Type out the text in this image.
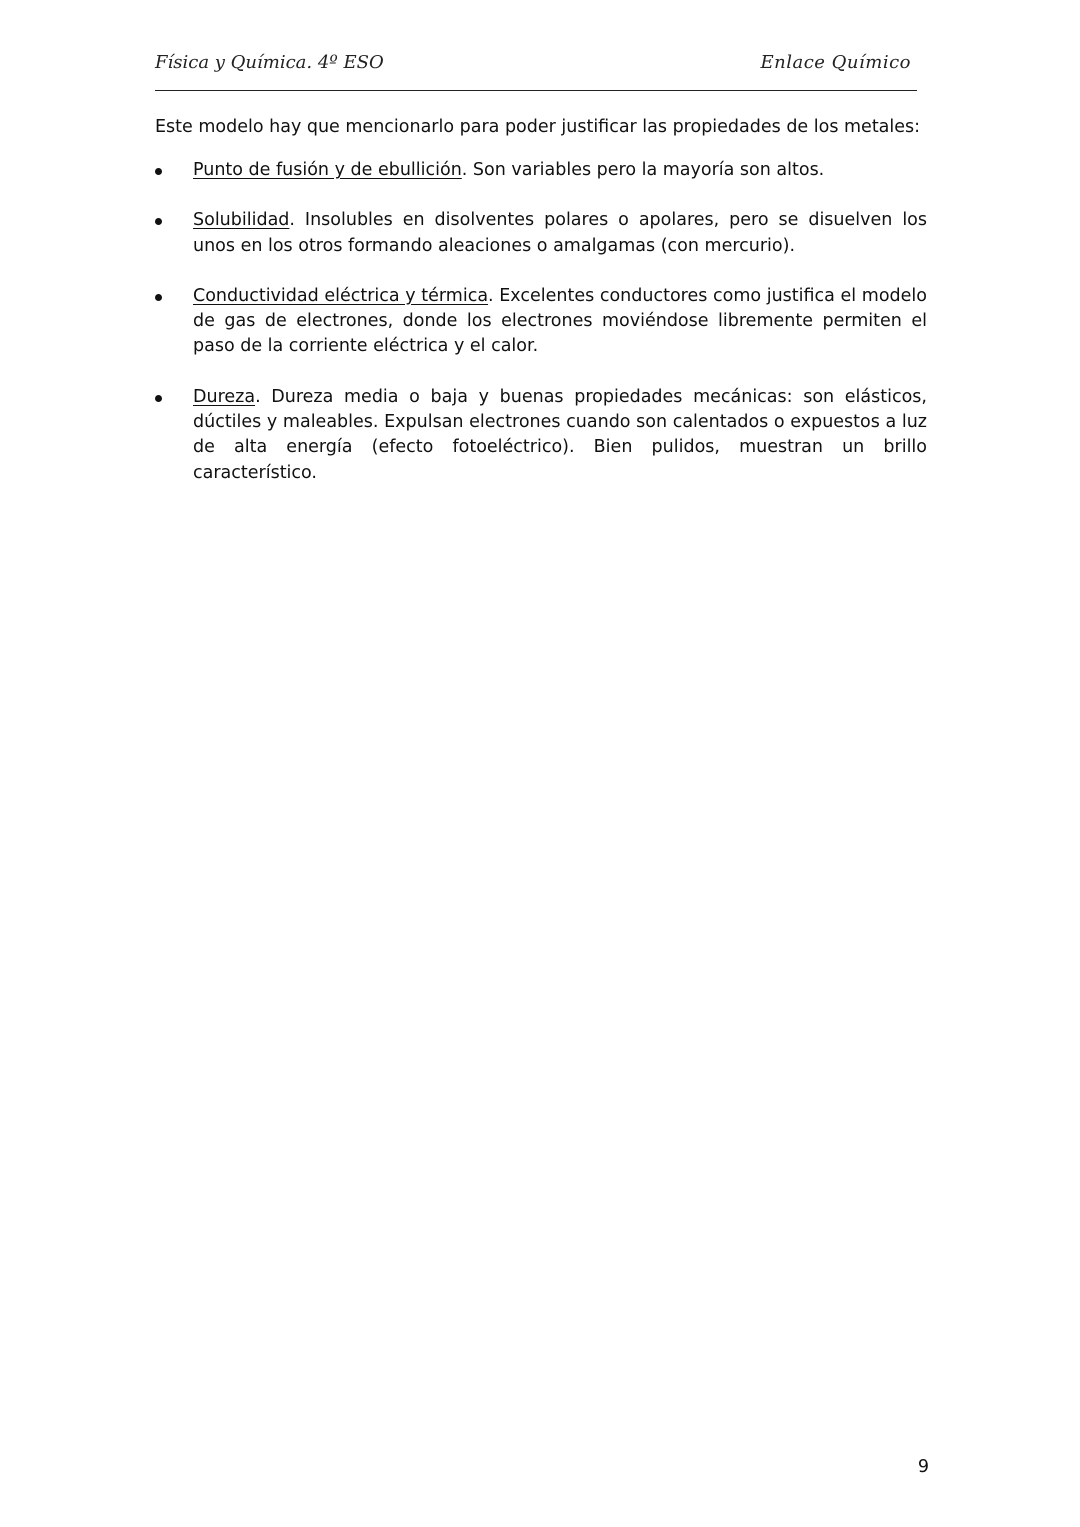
Física y Química. 4º ESO	Enlace Químico

Este modelo hay que mencionarlo para poder justificar las propiedades de los metales:

Punto de fusión y de ebullición. Son variables pero la mayoría son altos.
Solubilidad. Insolubles en disolventes polares o apolares, pero se disuelven los unos en los otros formando aleaciones o amalgamas (con mercurio).
Conductividad eléctrica y térmica. Excelentes conductores como justifica el modelo de gas de electrones, donde los electrones moviéndose libremente permiten el paso de la corriente eléctrica y el calor.
Dureza. Dureza media o baja y buenas propiedades mecánicas: son elásticos, dúctiles y maleables. Expulsan electrones cuando son calentados o expuestos a luz de alta energía (efecto fotoeléctrico). Bien pulidos, muestran un brillo característico.
9
